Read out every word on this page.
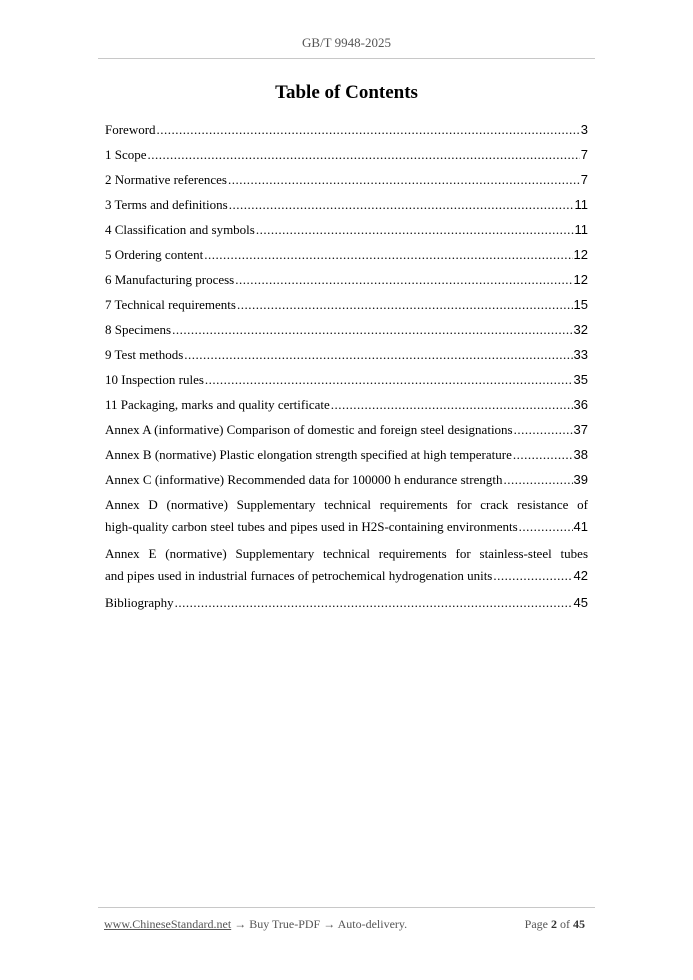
GB/T 9948-2025
Table of Contents
Foreword .....	3
1 Scope .....	7
2 Normative references .....	7
3 Terms and definitions .....	11
4 Classification and symbols .....	11
5 Ordering content .....	12
6 Manufacturing process .....	12
7 Technical requirements .....	15
8 Specimens .....	32
9 Test methods .....	33
10 Inspection rules .....	35
11 Packaging, marks and quality certificate .....	36
Annex A (informative) Comparison of domestic and foreign steel designations .....	37
Annex B (normative) Plastic elongation strength specified at high temperature .....	38
Annex C (informative) Recommended data for 100000 h endurance strength .....	39
Annex D (normative) Supplementary technical requirements for crack resistance of
high-quality carbon steel tubes and pipes used in H2S-containing environments .....	41
Annex E (normative) Supplementary technical requirements for stainless-steel tubes
and pipes used in industrial furnaces of petrochemical hydrogenation units .....	42
Bibliography .....	45
www.ChineseStandard.net → Buy True-PDF → Auto-delivery.	Page 2 of 45
